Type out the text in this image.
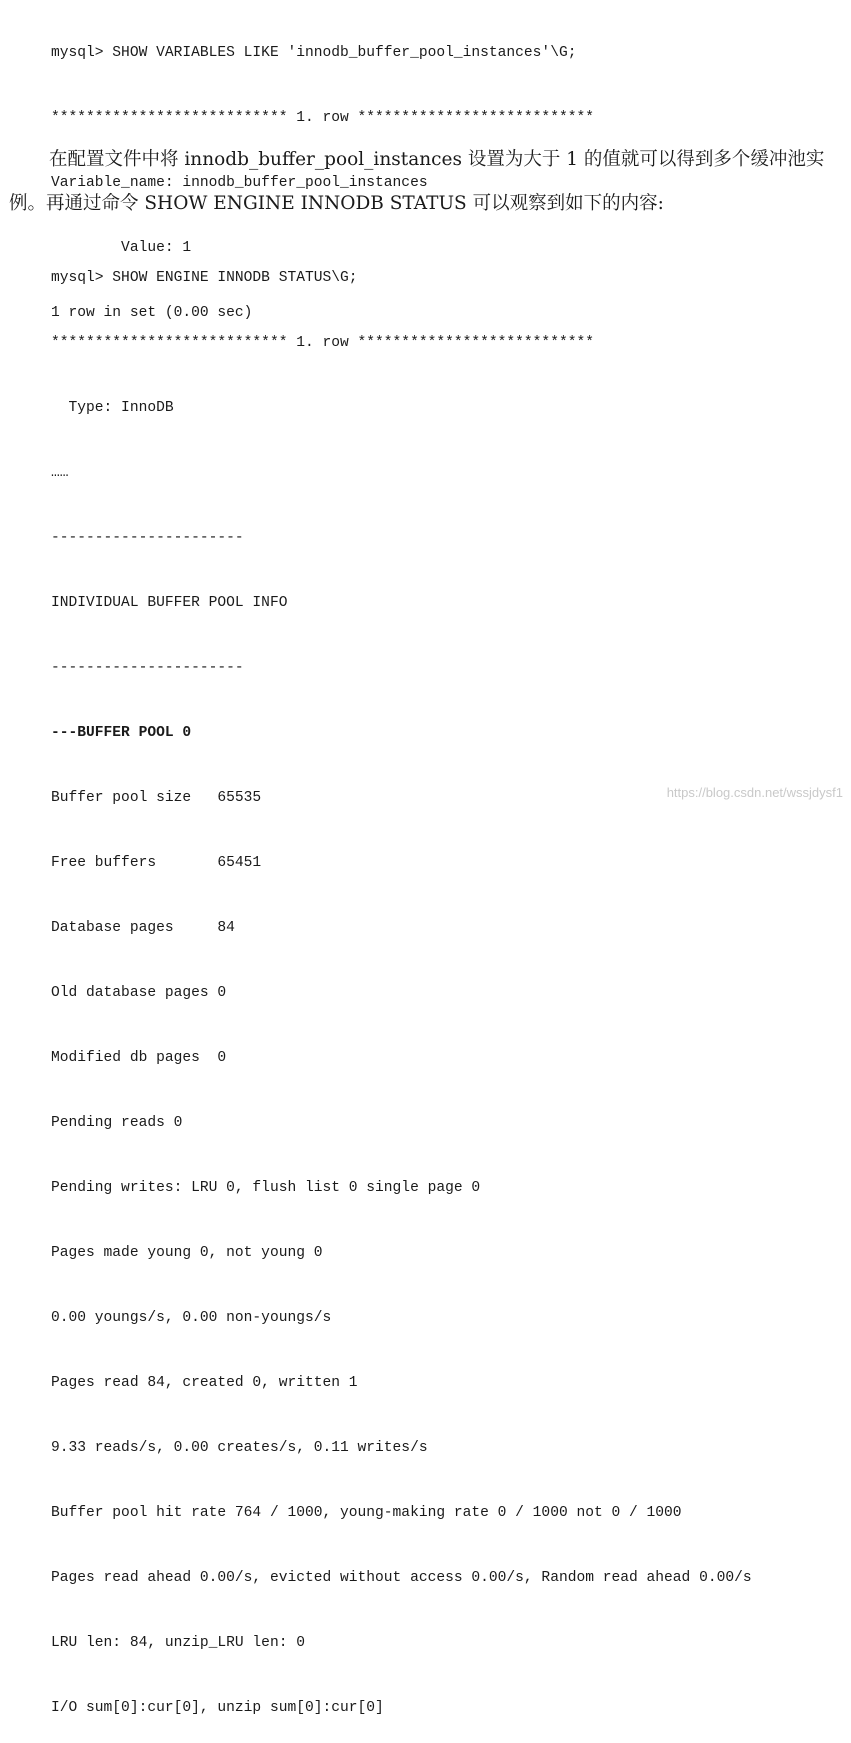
mysql> SHOW VARIABLES LIKE 'innodb_buffer_pool_instances'\G;

*************************** 1. row ***************************

Variable_name: innodb_buffer_pool_instances

Value: 1

1 row in set (0.00 sec)

在配置文件中将 innodb_buffer_pool_instances 设置为大于 1 的值就可以得到多个缓冲池实例。再通过命令 SHOW ENGINE INNODB STATUS 可以观察到如下的内容:

mysql> SHOW ENGINE INNODB STATUS\G;

*************************** 1. row ***************************

Type: InnoDB

……

----------------------

INDIVIDUAL BUFFER POOL INFO

----------------------

---BUFFER POOL 0

Buffer pool size   65535

Free buffers       65451

Database pages     84

Old database pages 0

Modified db pages  0

Pending reads 0

Pending writes: LRU 0, flush list 0 single page 0

Pages made young 0, not young 0

0.00 youngs/s, 0.00 non-youngs/s

Pages read 84, created 0, written 1

9.33 reads/s, 0.00 creates/s, 0.11 writes/s

Buffer pool hit rate 764 / 1000, young-making rate 0 / 1000 not 0 / 1000

Pages read ahead 0.00/s, evicted without access 0.00/s, Random read ahead 0.00/s

LRU len: 84, unzip_LRU len: 0

I/O sum[0]:cur[0], unzip sum[0]:cur[0]

https://blog.csdn.net/wssjdysf1
